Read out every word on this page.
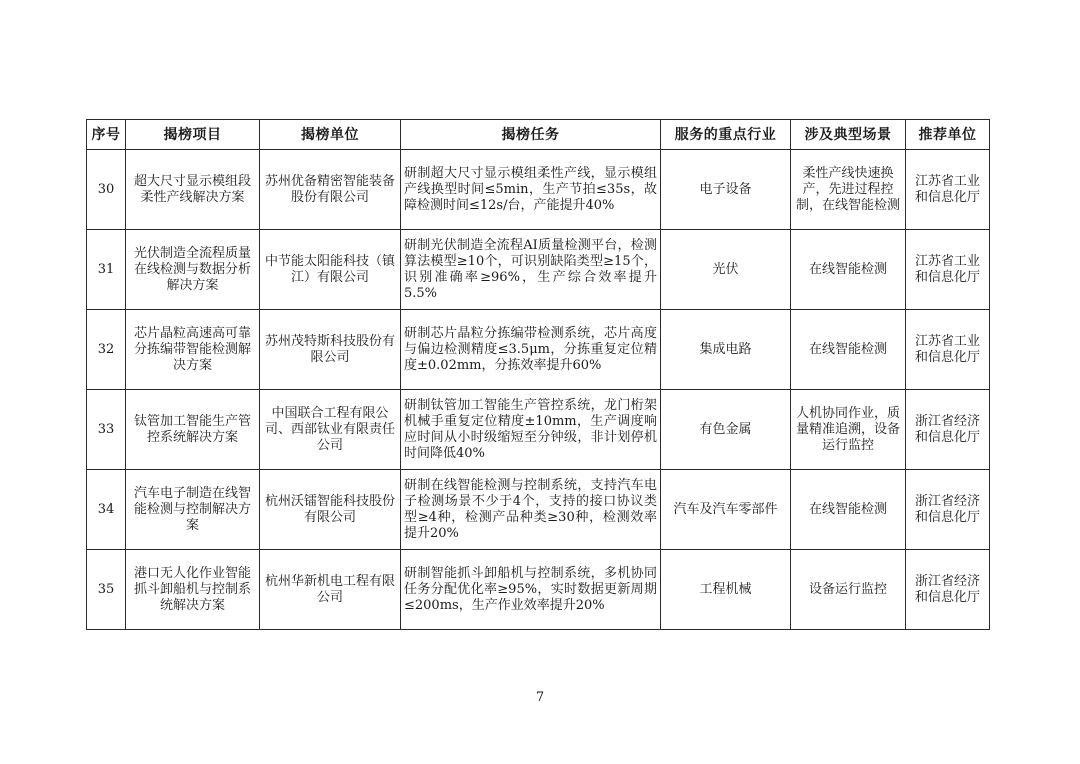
序号	揭榜项目	揭榜单位	揭榜任务	服务的重点行业	涉及典型场景	推荐单位
30	超大尺寸显示模组段柔性产线解决方案	苏州优备精密智能装备股份有限公司	研制超大尺寸显示模组柔性产线，显示模组产线换型时间≤5min，生产节拍≤35s，故障检测时间≤12s/台，产能提升40%	电子设备	柔性产线快速换产，先进过程控制，在线智能检测	江苏省工业和信息化厅
31	光伏制造全流程质量在线检测与数据分析解决方案	中节能太阳能科技（镇江）有限公司	研制光伏制造全流程AI质量检测平台，检测算法模型≥10个，可识别缺陷类型≥15个，识别准确率≥96%，生产综合效率提升5.5%	光伏	在线智能检测	江苏省工业和信息化厅
32	芯片晶粒高速高可靠分拣编带智能检测解决方案	苏州茂特斯科技股份有限公司	研制芯片晶粒分拣编带检测系统，芯片高度与偏边检测精度≤3.5μm，分拣重复定位精度±0.02mm，分拣效率提升60%	集成电路	在线智能检测	江苏省工业和信息化厅
33	钛管加工智能生产管控系统解决方案	中国联合工程有限公司、西部钛业有限责任公司	研制钛管加工智能生产管控系统，龙门桁架机械手重复定位精度±10mm，生产调度响应时间从小时级缩短至分钟级，非计划停机时间降低40%	有色金属	人机协同作业，质量精准追溯，设备运行监控	浙江省经济和信息化厅
34	汽车电子制造在线智能检测与控制解决方案	杭州沃镭智能科技股份有限公司	研制在线智能检测与控制系统，支持汽车电子检测场景不少于4个，支持的接口协议类型≥4种，检测产品种类≥30种，检测效率提升20%	汽车及汽车零部件	在线智能检测	浙江省经济和信息化厅
35	港口无人化作业智能抓斗卸船机与控制系统解决方案	杭州华新机电工程有限公司	研制智能抓斗卸船机与控制系统，多机协同任务分配优化率≥95%，实时数据更新周期≤200ms，生产作业效率提升20%	工程机械	设备运行监控	浙江省经济和信息化厅
7
